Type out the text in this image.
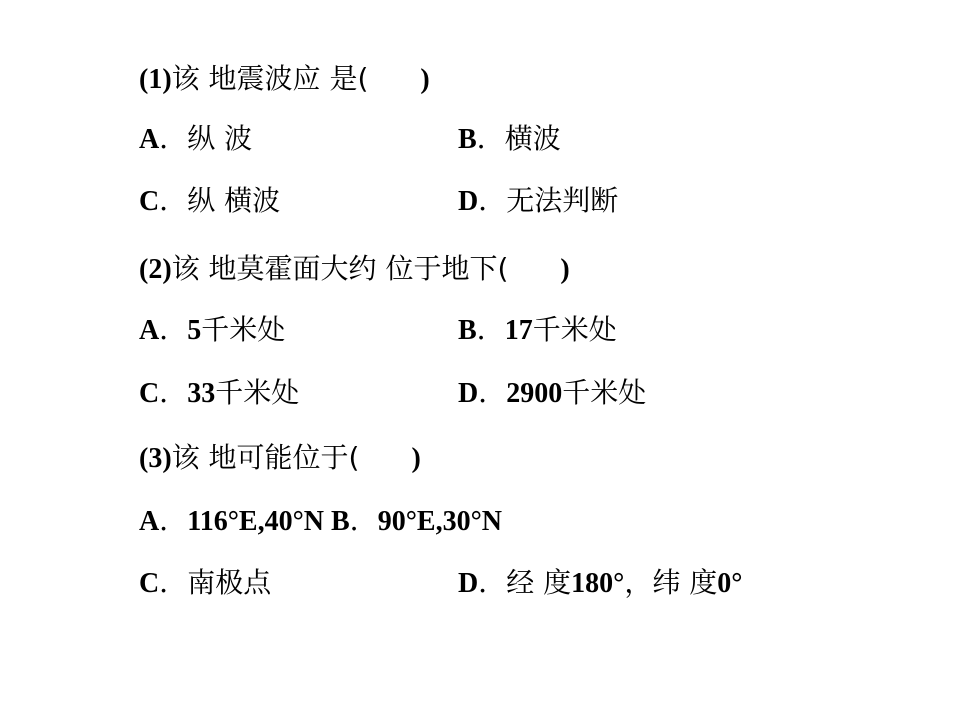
(1)该 地震波应 是( )
A．纵 波	B．横波
C．纵 横波	D．无法判断
(2)该 地莫霍面大约 位于地下( )
A．5千米处	B．17千米处
C．33千米处	D．2900千米处
(3)该 地可能位于( )
A．116°E,40°N B．90°E,30°N
C．南极点	D．经 度180°，纬 度0°
